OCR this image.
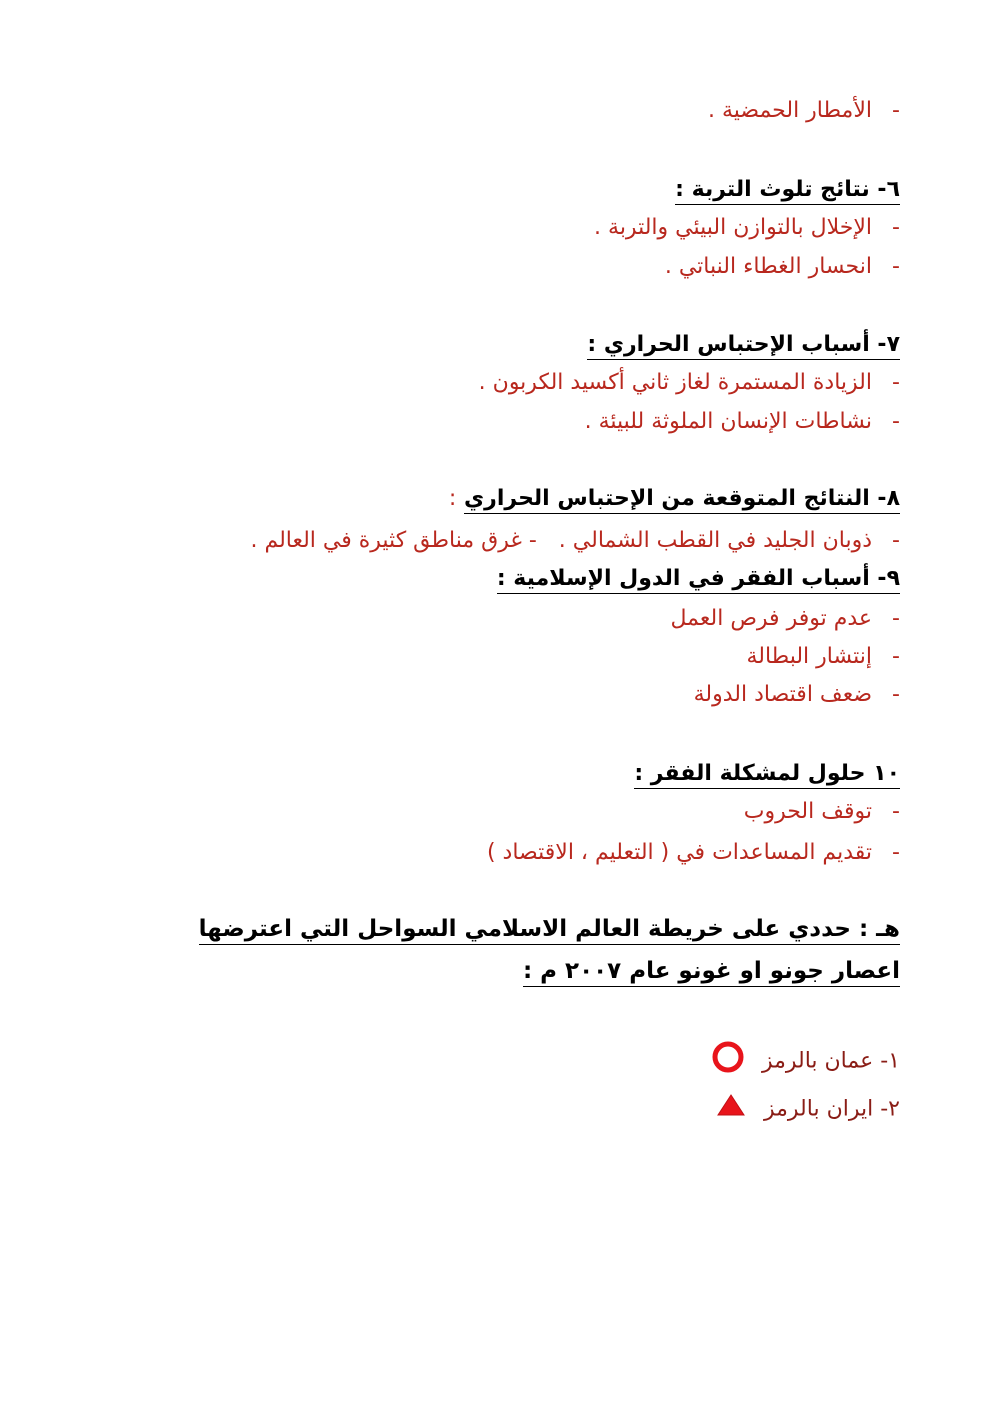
-الأمطار الحمضية .
٦- نتائج تلوث التربة :
-الإخلال بالتوازن البيئي والتربة .
-انحسار الغطاء النباتي .
٧- أسباب الإحتباس الحراري :
-الزيادة المستمرة لغاز ثاني أكسيد الكربون .
-نشاطات الإنسان الملوثة للبيئة .
٨- النتائج المتوقعة من الإحتباس الحراري :
-ذوبان الجليد في القطب الشمالي .- غرق مناطق كثيرة في العالم .
٩- أسباب الفقر في الدول الإسلامية :
-عدم توفر فرص العمل
-إنتشار البطالة
-ضعف اقتصاد الدولة
١٠ حلول لمشكلة الفقر :
-توقف الحروب
-تقديم المساعدات في ( التعليم ، الاقتصاد )
هـ : حددي على خريطة العالم الاسلامي السواحل التي اعترضها
اعصار جونو او غونو عام ٢٠٠٧ م :
١- عمان بالرمز
٢- ايران بالرمز
